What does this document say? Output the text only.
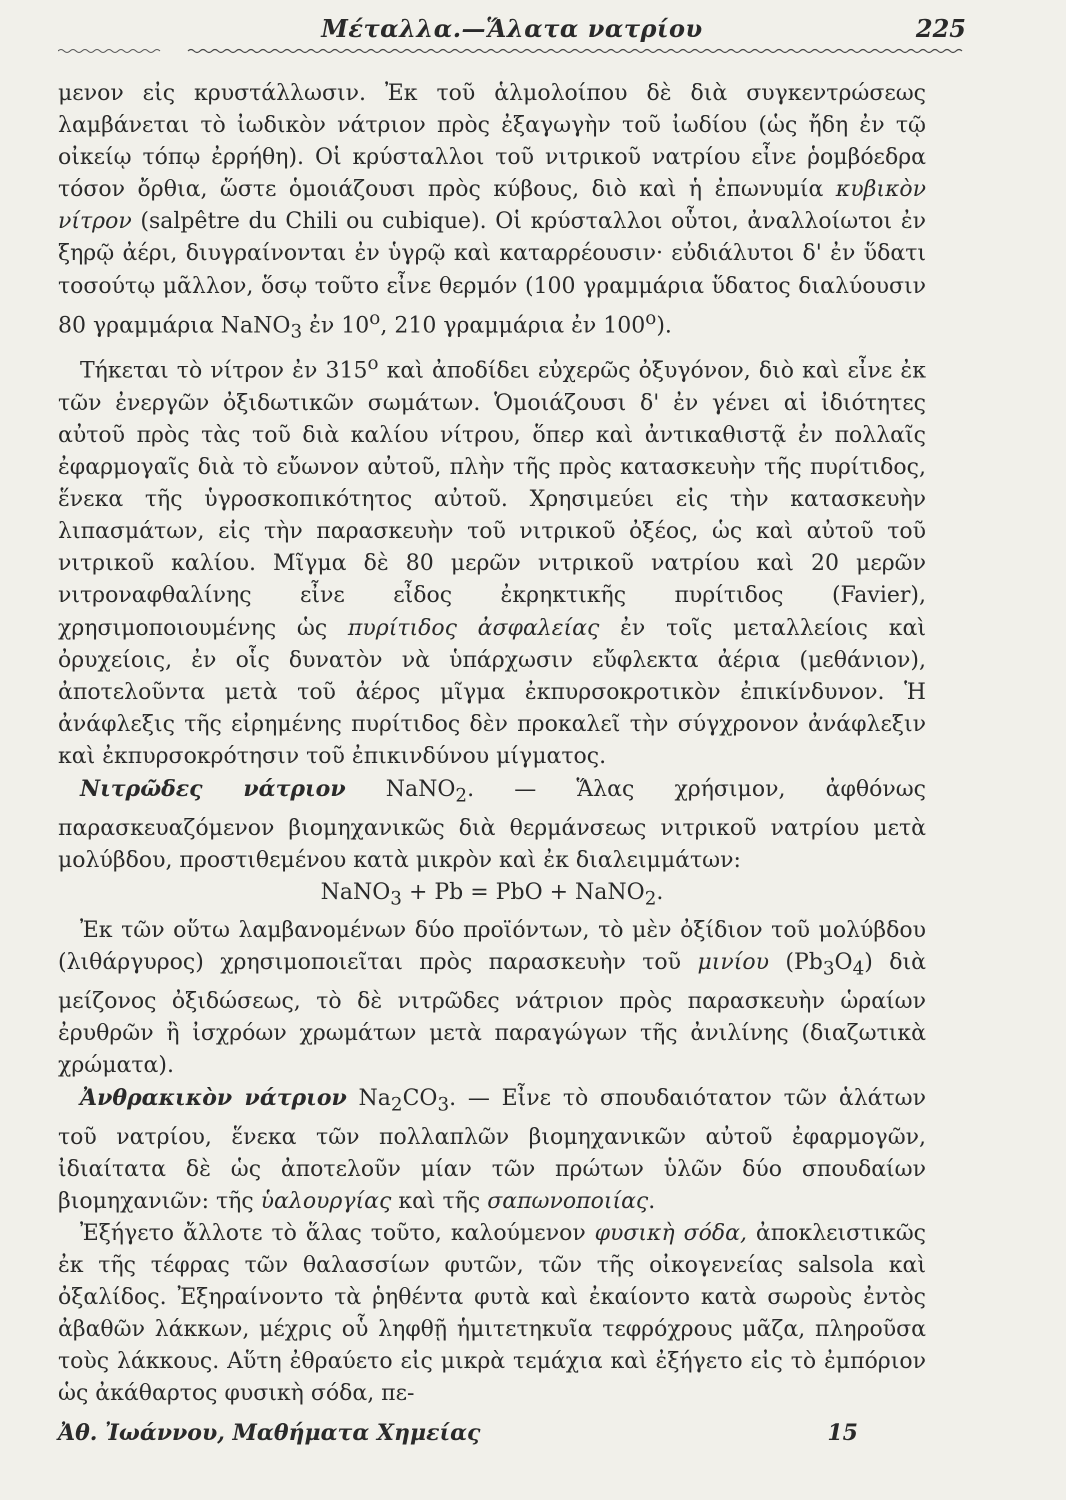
Μέταλλα.—Ἅλατα νατρίου	225

μενον εἰς κρυστάλλωσιν. Ἐκ τοῦ ἁλμολοίπου δὲ διὰ συγκεντρώσεως λαμβάνεται τὸ ἰωδικὸν νάτριον πρὸς ἐξαγωγὴν τοῦ ἰωδίου (ὡς ἤδη ἐν τῷ οἰκείῳ τόπῳ ἐρρήθη). Οἱ κρύσταλλοι τοῦ νιτρικοῦ νατρίου εἶνε ῥομβόεδρα τόσον ὄρθια, ὥστε ὁμοιάζουσι πρὸς κύβους, διὸ καὶ ἡ ἐπωνυμία κυβικὸν νίτρον (salpêtre du Chili ou cubique). Οἱ κρύσταλλοι οὗτοι, ἀναλλοίωτοι ἐν ξηρῷ ἀέρι, διυγραίνονται ἐν ὑγρῷ καὶ καταρρέουσιν· εὐδιάλυτοι δ' ἐν ὕδατι τοσούτῳ μᾶλλον, ὅσῳ τοῦτο εἶνε θερμόν (100 γραμμάρια ὕδατος διαλύουσιν 80 γραμμάρια NaNO$_3$ ἐν $10^o$, 210 γραμμάρια ἐν $100^o$).

Τήκεται τὸ νίτρον ἐν $315^o$ καὶ ἀποδίδει εὐχερῶς ὀξυγόνον, διὸ καὶ εἶνε ἐκ τῶν ἐνεργῶν ὀξιδωτικῶν σωμάτων. Ὁμοιάζουσι δ' ἐν γένει αἱ ἰδιότητες αὐτοῦ πρὸς τὰς τοῦ διὰ καλίου νίτρου, ὅπερ καὶ ἀντικαθιστᾷ ἐν πολλαῖς ἐφαρμογαῖς διὰ τὸ εὔωνον αὐτοῦ, πλὴν τῆς πρὸς κατασκευὴν τῆς πυρίτιδος, ἕνεκα τῆς ὑγροσκοπικότητος αὐτοῦ. Χρησιμεύει εἰς τὴν κατασκευὴν λιπασμάτων, εἰς τὴν παρασκευὴν τοῦ νιτρικοῦ ὀξέος, ὡς καὶ αὐτοῦ τοῦ νιτρικοῦ καλίου. Μῖγμα δὲ 80 μερῶν νιτρικοῦ νατρίου καὶ 20 μερῶν νιτροναφθαλίνης εἶνε εἶδος ἐκρηκτικῆς πυρίτιδος (Favier), χρησιμοποιουμένης ὡς πυρίτιδος ἀσφαλείας ἐν τοῖς μεταλλείοις καὶ ὀρυχείοις, ἐν οἷς δυνατὸν νὰ ὑπάρχωσιν εὔφλεκτα ἀέρια (μεθάνιον), ἀποτελοῦντα μετὰ τοῦ ἀέρος μῖγμα ἐκπυρσοκροτικὸν ἐπικίνδυνον. Ἡ ἀνάφλεξις τῆς εἰρημένης πυρίτιδος δὲν προκαλεῖ τὴν σύγχρονον ἀνάφλεξιν καὶ ἐκπυρσοκρότησιν τοῦ ἐπικινδύνου μίγματος.

Νιτρῶδες νάτριον NaNO$_2$. — Ἅλας χρήσιμον, ἀφθόνως παρασκευαζόμενον βιομηχανικῶς διὰ θερμάνσεως νιτρικοῦ νατρίου μετὰ μολύβδου, προστιθεμένου κατὰ μικρὸν καὶ ἐκ διαλειμμάτων:

NaNO$_3$ + Pb = PbO + NaNO$_2$.

Ἐκ τῶν οὕτω λαμβανομένων δύο προϊόντων, τὸ μὲν ὀξίδιον τοῦ μολύβδου (λιθάργυρος) χρησιμοποιεῖται πρὸς παρασκευὴν τοῦ μινίου $(Pb_3O_4)$ διὰ μείζονος ὀξιδώσεως, τὸ δὲ νιτρῶδες νάτριον πρὸς παρασκευὴν ὡραίων ἐρυθρῶν ἢ ἰσχρόων χρωμάτων μετὰ παραγώγων τῆς ἀνιλίνης (διαζωτικὰ χρώματα).

Ἀνθρακικὸν νάτριον $Na_2CO_3$. — Εἶνε τὸ σπουδαιότατον τῶν ἁλάτων τοῦ νατρίου, ἕνεκα τῶν πολλαπλῶν βιομηχανικῶν αὐτοῦ ἐφαρμογῶν, ἰδιαίτατα δὲ ὡς ἀποτελοῦν μίαν τῶν πρώτων ὑλῶν δύο σπουδαίων βιομηχανιῶν: τῆς ὑαλουργίας καὶ τῆς σαπωνοποιίας.

Ἐξήγετο ἄλλοτε τὸ ἅλας τοῦτο, καλούμενον φυσικὴ σόδα, ἀποκλειστικῶς ἐκ τῆς τέφρας τῶν θαλασσίων φυτῶν, τῶν τῆς οἰκογενείας salsola καὶ ὀξαλίδος. Ἐξηραίνοντο τὰ ῥηθέντα φυτὰ καὶ ἐκαίοντο κατὰ σωροὺς ἐντὸς ἀβαθῶν λάκκων, μέχρις οὗ ληφθῇ ἡμιτετηκυῖα τεφρόχρους μᾶζα, πληροῦσα τοὺς λάκκους. Αὕτη ἐθραύετο εἰς μικρὰ τεμάχια καὶ ἐξήγετο εἰς τὸ ἐμπόριον ὡς ἀκάθαρτος φυσικὴ σόδα, πε-

Ἀθ. Ἰωάννου, Μαθήματα Χημείας	15
